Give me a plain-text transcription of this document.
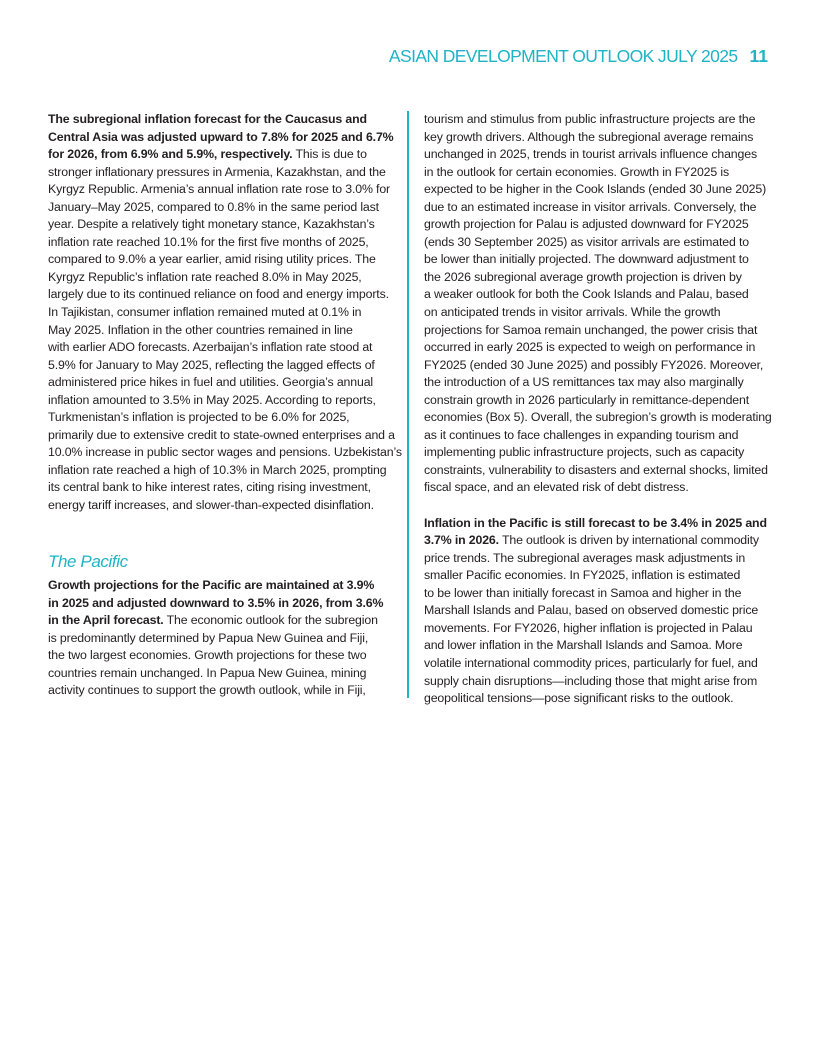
ASIAN DEVELOPMENT OUTLOOK JULY 2025 11

The subregional inflation forecast for the Caucasus and
Central Asia was adjusted upward to 7.8% for 2025 and 6.7%
for 2026, from 6.9% and 5.9%, respectively. This is due to
stronger inflationary pressures in Armenia, Kazakhstan, and the
Kyrgyz Republic. Armenia’s annual inflation rate rose to 3.0% for
January–May 2025, compared to 0.8% in the same period last
year. Despite a relatively tight monetary stance, Kazakhstan’s
inflation rate reached 10.1% for the first five months of 2025,
compared to 9.0% a year earlier, amid rising utility prices. The
Kyrgyz Republic’s inflation rate reached 8.0% in May 2025,
largely due to its continued reliance on food and energy imports.
In Tajikistan, consumer inflation remained muted at 0.1% in
May 2025. Inflation in the other countries remained in line
with earlier ADO forecasts. Azerbaijan’s inflation rate stood at
5.9% for January to May 2025, reflecting the lagged effects of
administered price hikes in fuel and utilities. Georgia’s annual
inflation amounted to 3.5% in May 2025. According to reports,
Turkmenistan’s inflation is projected to be 6.0% for 2025,
primarily due to extensive credit to state-owned enterprises and a
10.0% increase in public sector wages and pensions. Uzbekistan’s
inflation rate reached a high of 10.3% in March 2025, prompting
its central bank to hike interest rates, citing rising investment,
energy tariff increases, and slower-than-expected disinflation.

The Pacific

Growth projections for the Pacific are maintained at 3.9%
in 2025 and adjusted downward to 3.5% in 2026, from 3.6%
in the April forecast. The economic outlook for the subregion
is predominantly determined by Papua New Guinea and Fiji,
the two largest economies. Growth projections for these two
countries remain unchanged. In Papua New Guinea, mining
activity continues to support the growth outlook, while in Fiji,

tourism and stimulus from public infrastructure projects are the
key growth drivers. Although the subregional average remains
unchanged in 2025, trends in tourist arrivals influence changes
in the outlook for certain economies. Growth in FY2025 is
expected to be higher in the Cook Islands (ended 30 June 2025)
due to an estimated increase in visitor arrivals. Conversely, the
growth projection for Palau is adjusted downward for FY2025
(ends 30 September 2025) as visitor arrivals are estimated to
be lower than initially projected. The downward adjustment to
the 2026 subregional average growth projection is driven by
a weaker outlook for both the Cook Islands and Palau, based
on anticipated trends in visitor arrivals. While the growth
projections for Samoa remain unchanged, the power crisis that
occurred in early 2025 is expected to weigh on performance in
FY2025 (ended 30 June 2025) and possibly FY2026. Moreover,
the introduction of a US remittances tax may also marginally
constrain growth in 2026 particularly in remittance-dependent
economies (Box 5). Overall, the subregion’s growth is moderating
as it continues to face challenges in expanding tourism and
implementing public infrastructure projects, such as capacity
constraints, vulnerability to disasters and external shocks, limited
fiscal space, and an elevated risk of debt distress.

Inflation in the Pacific is still forecast to be 3.4% in 2025 and
3.7% in 2026. The outlook is driven by international commodity
price trends. The subregional averages mask adjustments in
smaller Pacific economies. In FY2025, inflation is estimated
to be lower than initially forecast in Samoa and higher in the
Marshall Islands and Palau, based on observed domestic price
movements. For FY2026, higher inflation is projected in Palau
and lower inflation in the Marshall Islands and Samoa. More
volatile international commodity prices, particularly for fuel, and
supply chain disruptions—including those that might arise from
geopolitical tensions—pose significant risks to the outlook.
